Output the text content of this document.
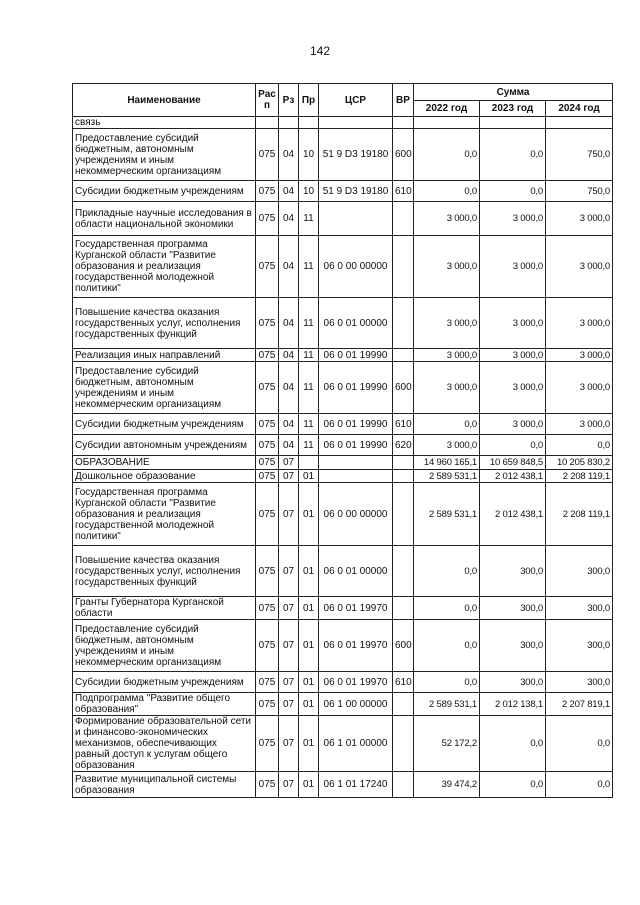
142
Наименование	Рас п	Рз	Пр	ЦСР	ВР	Сумма		
						2022 год	2023 год	2024 год
связь								
Предоставление субсидий бюджетным, автономным учреждениям и иным некоммерческим организациям	075	04	10	51 9 D3 19180	600	0,0	0,0	750,0
Субсидии бюджетным учреждениям	075	04	10	51 9 D3 19180	610	0,0	0,0	750,0
Прикладные научные исследования в области национальной экономики	075	04	11			3 000,0	3 000,0	3 000,0
Государственная программа Курганской области "Развитие образования и реализация государственной молодежной политики"	075	04	11	06 0 00 00000		3 000,0	3 000,0	3 000,0
Повышение качества оказания государственных услуг, исполнения государственных функций	075	04	11	06 0 01 00000		3 000,0	3 000,0	3 000,0
Реализация иных направлений	075	04	11	06 0 01 19990		3 000,0	3 000,0	3 000,0
Предоставление субсидий бюджетным, автономным учреждениям и иным некоммерческим организациям	075	04	11	06 0 01 19990	600	3 000,0	3 000,0	3 000,0
Субсидии бюджетным учреждениям	075	04	11	06 0 01 19990	610	0,0	3 000,0	3 000,0
Субсидии автономным учреждениям	075	04	11	06 0 01 19990	620	3 000,0	0,0	0,0
ОБРАЗОВАНИЕ	075	07				14 960 165,1	10 659 848,5	10 205 830,2
Дошкольное образование	075	07	01			2 589 531,1	2 012 438,1	2 208 119,1
Государственная программа Курганской области "Развитие образования и реализация государственной молодежной политики"	075	07	01	06 0 00 00000		2 589 531,1	2 012 438,1	2 208 119,1
Повышение качества оказания государственных услуг, исполнения государственных функций	075	07	01	06 0 01 00000		0,0	300,0	300,0
Гранты Губернатора Курганской области	075	07	01	06 0 01 19970		0,0	300,0	300,0
Предоставление субсидий бюджетным, автономным учреждениям и иным некоммерческим организациям	075	07	01	06 0 01 19970	600	0,0	300,0	300,0
Субсидии бюджетным учреждениям	075	07	01	06 0 01 19970	610	0,0	300,0	300,0
Подпрограмма "Развитие общего образования"	075	07	01	06 1 00 00000		2 589 531,1	2 012 138,1	2 207 819,1
Формирование образовательной сети и финансово-экономических механизмов, обеспечивающих равный доступ к услугам общего образования	075	07	01	06 1 01 00000		52 172,2	0,0	0,0
Развитие муниципальной системы образования	075	07	01	06 1 01 17240		39 474,2	0,0	0,0
